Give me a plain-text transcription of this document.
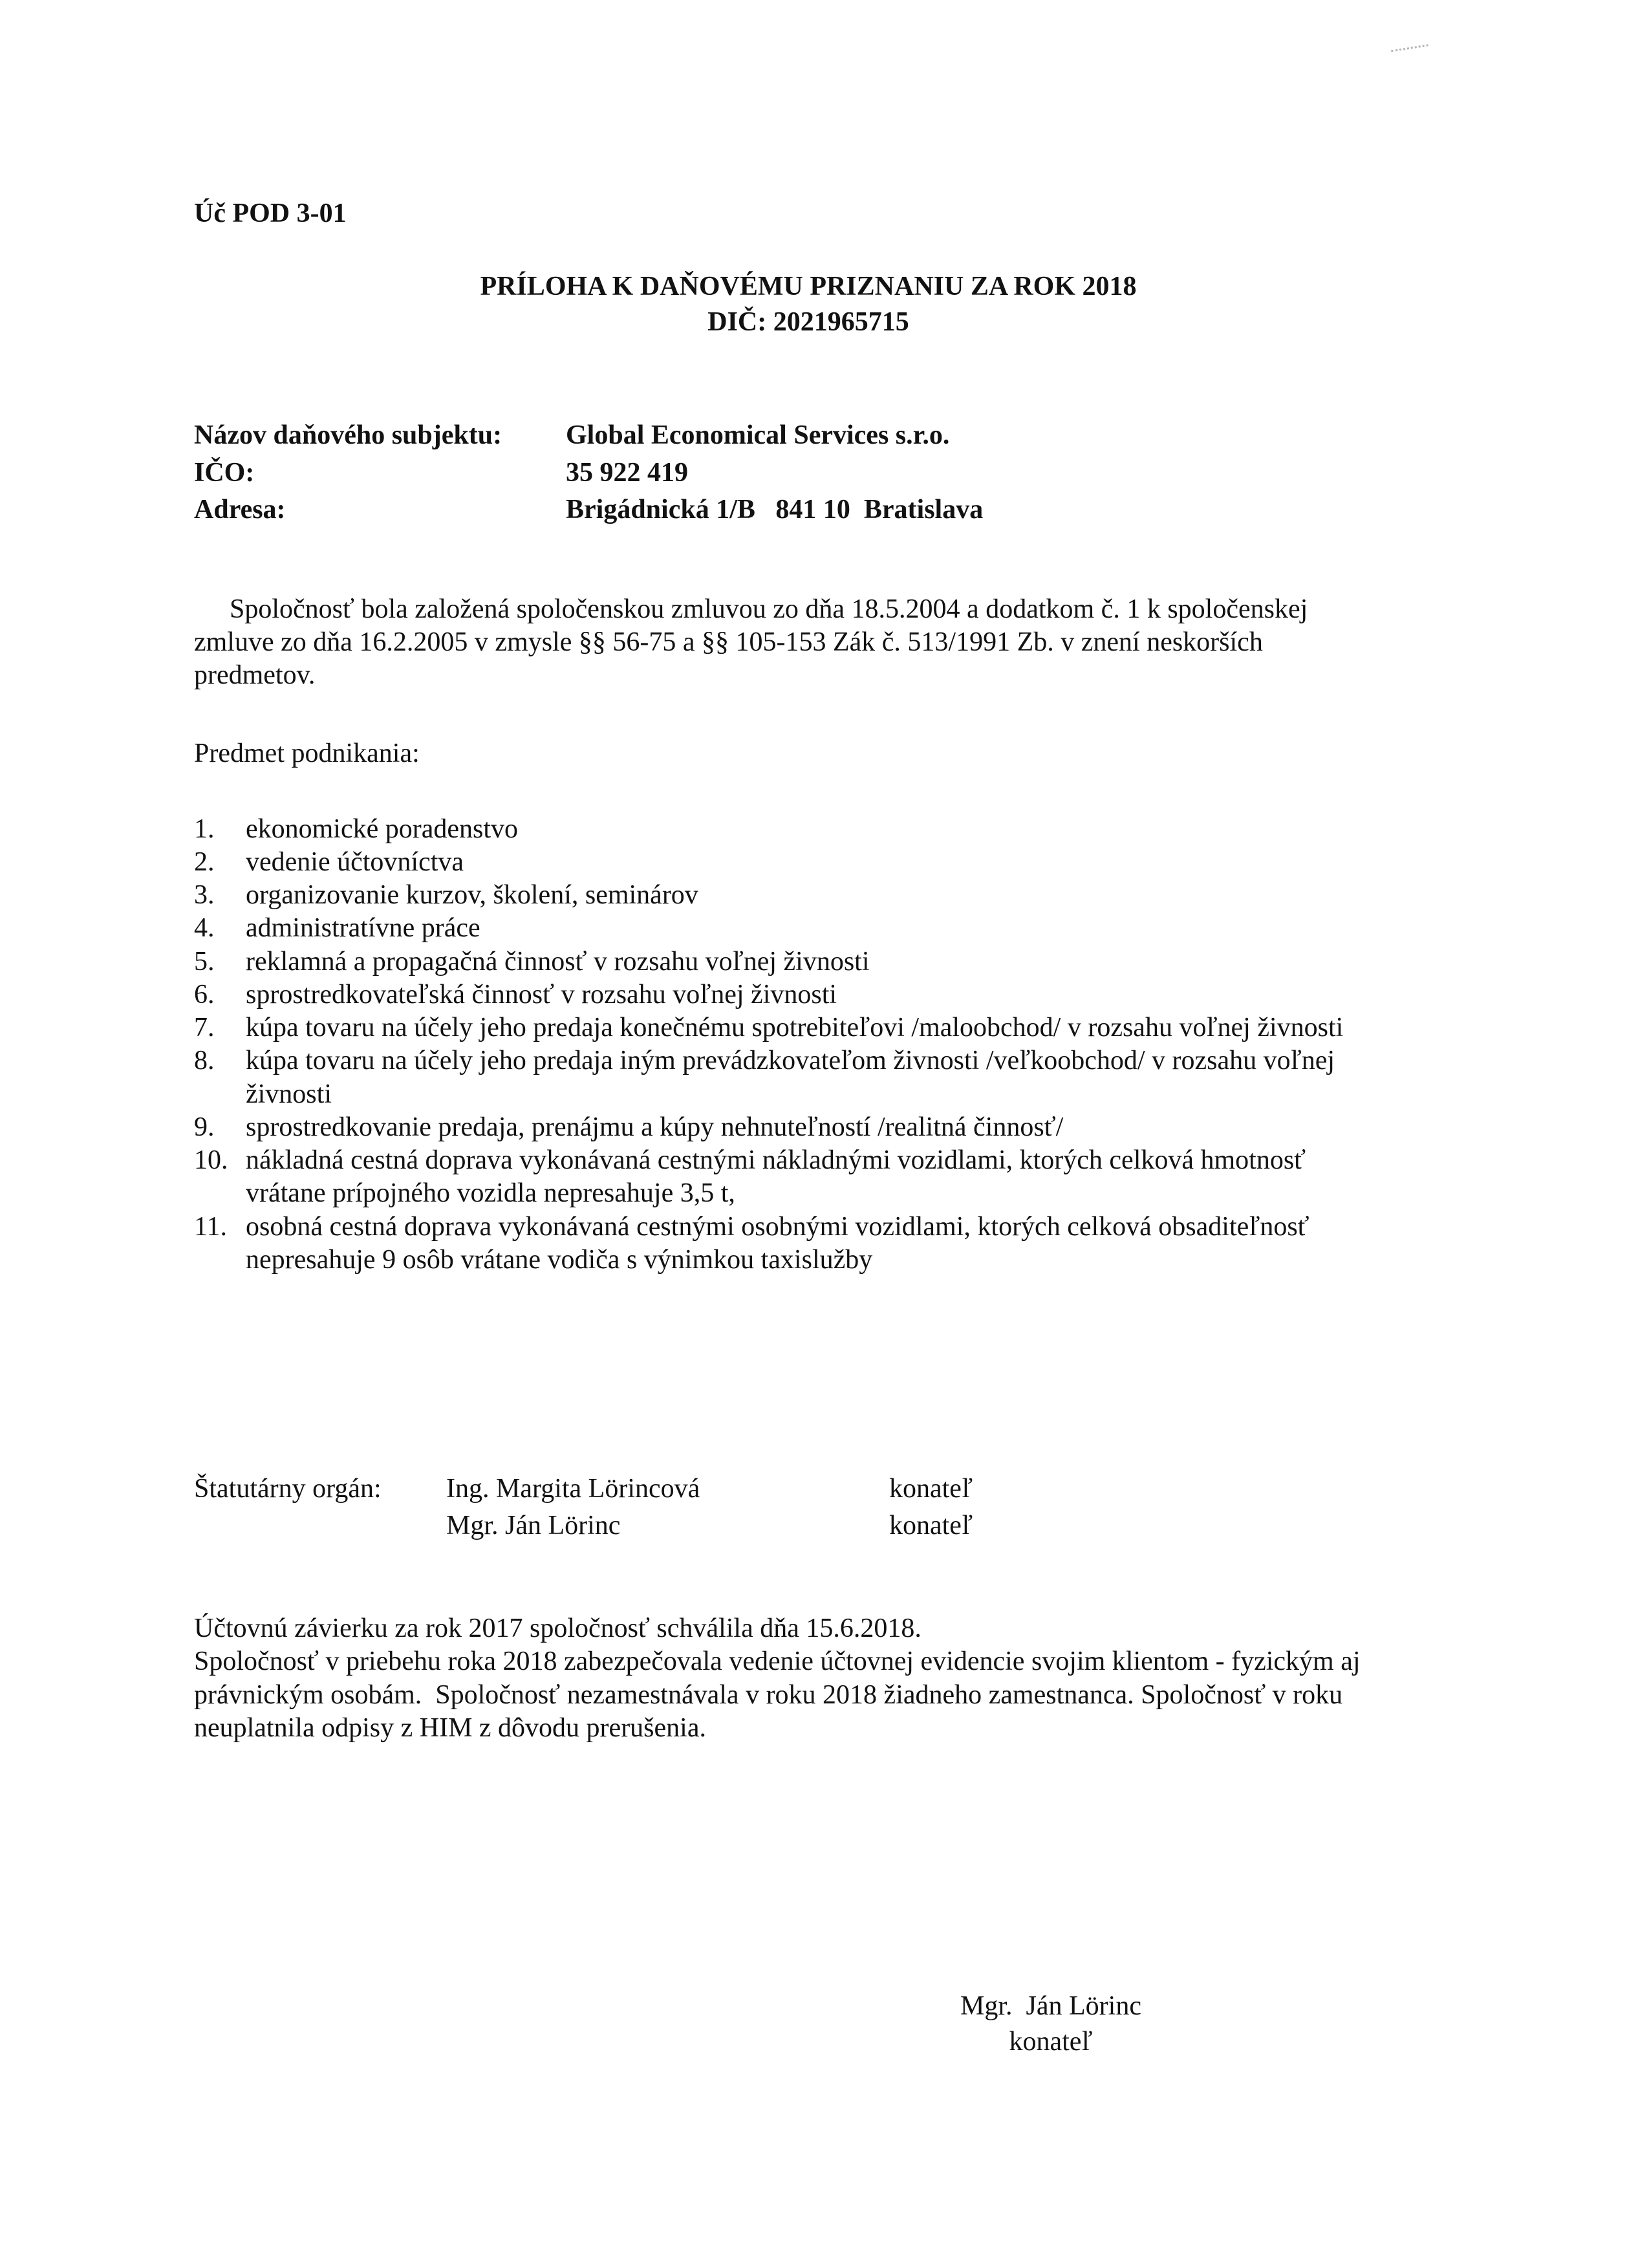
Úč POD 3-01
PRÍLOHA K DAŇOVÉMU PRIZNANIU ZA ROK 2018
DIČ: 2021965715
Názov daňového subjektu:	Global Economical Services s.r.o.
IČO:	35 922 419
Adresa:	Brigádnická 1/B   841 10  Bratislava

Spoločnosť bola založená spoločenskou zmluvou zo dňa 18.5.2004 a dodatkom č. 1 k spoločenskej zmluve zo dňa 16.2.2005 v zmysle §§ 56-75 a §§ 105-153 Zák č. 513/1991 Zb. v znení neskorších predmetov.

Predmet podnikania:
1.	ekonomické poradenstvo
2.	vedenie účtovníctva
3.	organizovanie kurzov, školení, seminárov
4.	administratívne práce
5.	reklamná a propagačná činnosť v rozsahu voľnej živnosti
6.	sprostredkovateľská činnosť v rozsahu voľnej živnosti
7.	kúpa tovaru na účely jeho predaja konečnému spotrebiteľovi /maloobchod/ v rozsahu voľnej živnosti
8.	kúpa tovaru na účely jeho predaja iným prevádzkovateľom živnosti /veľkoobchod/ v rozsahu voľnej živnosti
9.	sprostredkovanie predaja, prenájmu a kúpy nehnuteľností /realitná činnosť/
10. nákladná cestná doprava vykonávaná cestnými nákladnými vozidlami, ktorých celková hmotnosť vrátane prípojného vozidla nepresahuje 3,5 t,
11. osobná cestná doprava vykonávaná cestnými osobnými vozidlami, ktorých celková obsaditeľnosť nepresahuje 9 osôb vrátane vodiča s výnimkou taxislužby
Štatutárny orgán:	Ing. Margita Lörincová	konateľ
Mgr. Ján Lörinc	konateľ

Účtovnú závierku za rok 2017 spoločnosť schválila dňa 15.6.2018.

Spoločnosť v priebehu roka 2018 zabezpečovala vedenie účtovnej evidencie svojim klientom - fyzickým aj právnickým osobám.  Spoločnosť nezamestnávala v roku 2018 žiadneho zamestnanca. Spoločnosť v roku neuplatnila odpisy z HIM z dôvodu prerušenia.

Mgr.  Ján Lörinc
konateľ
